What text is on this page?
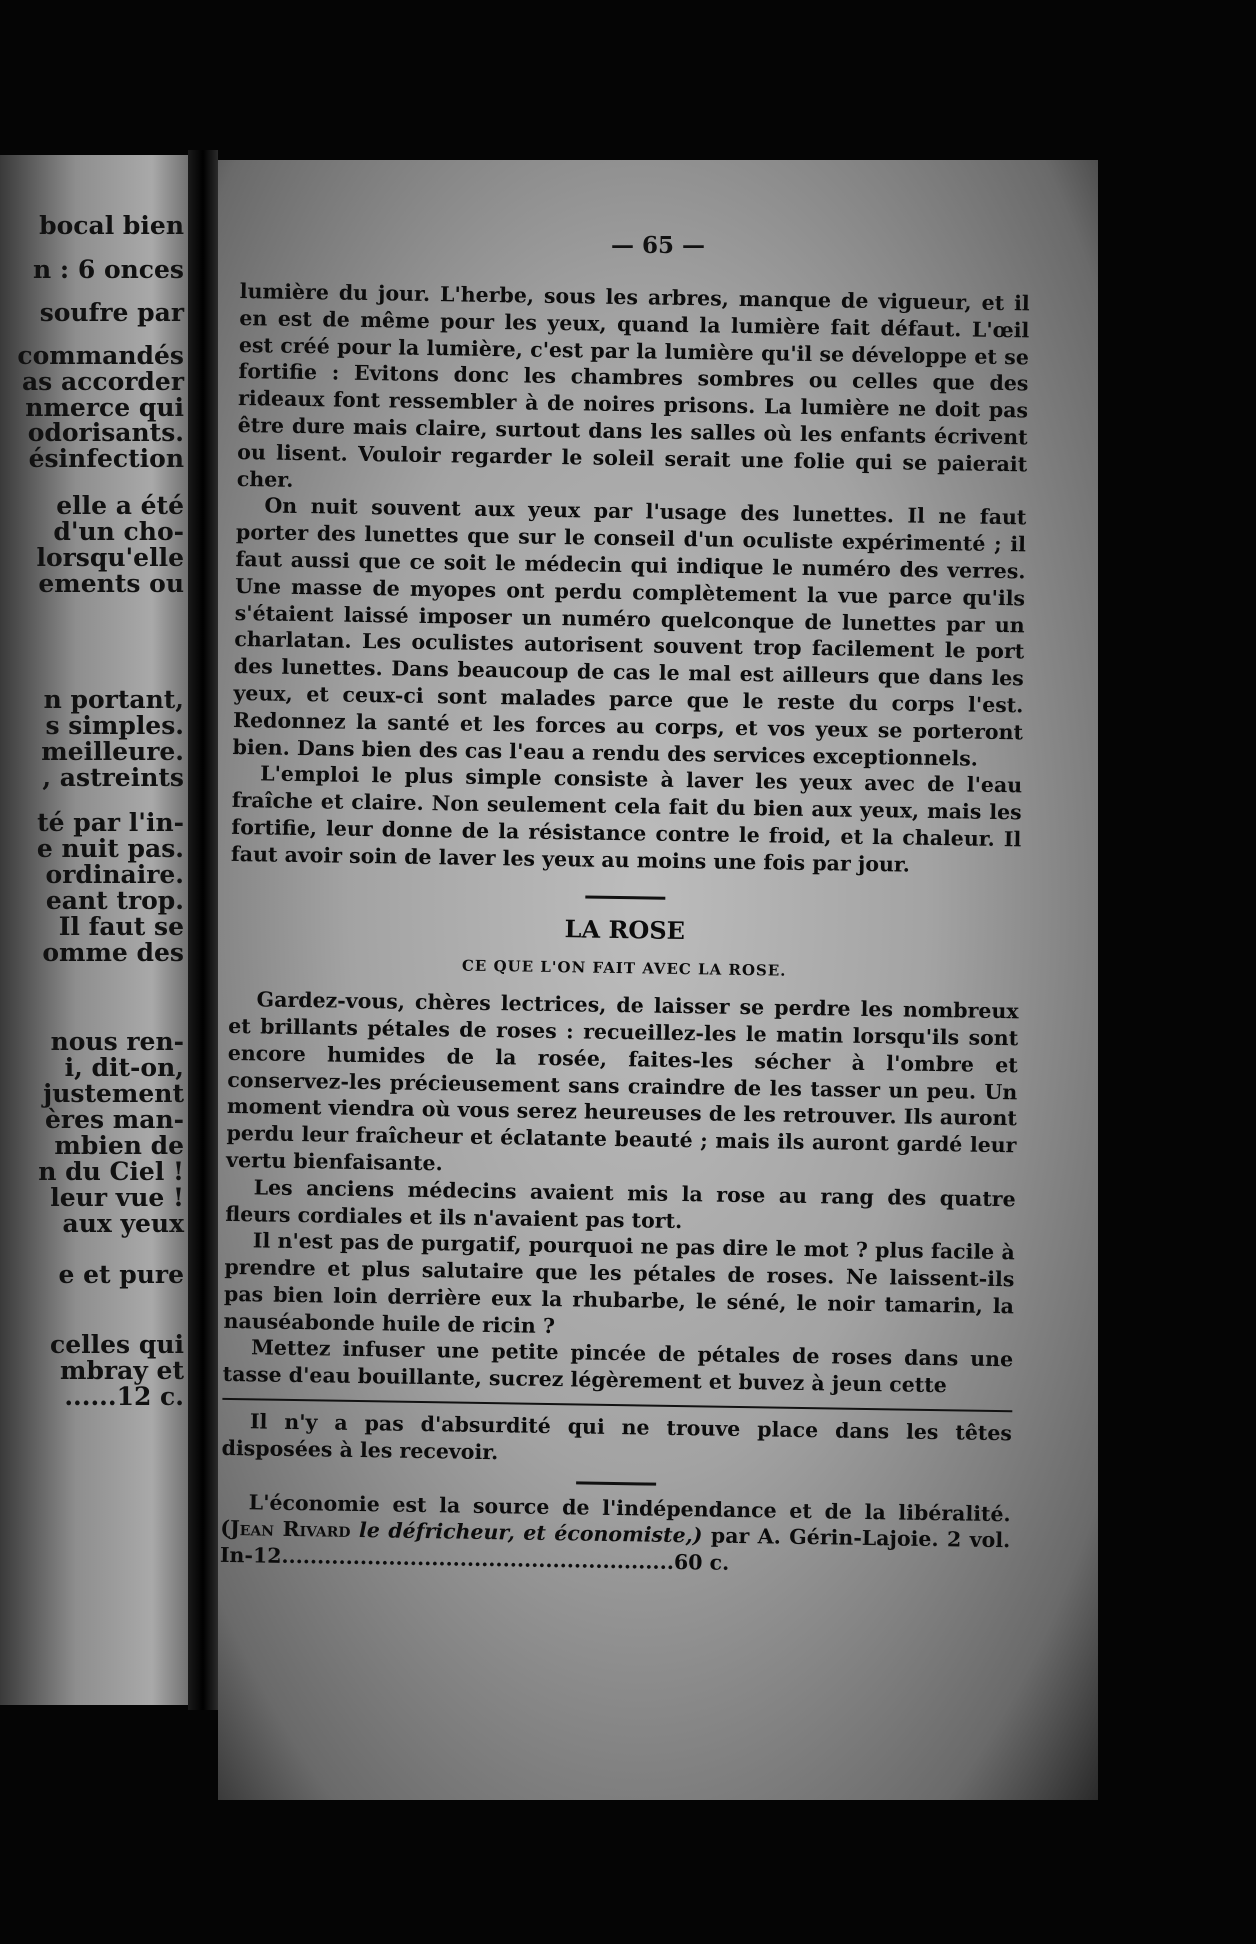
bocal bien
n : 6 onces
soufre par
commandés
as accorder
nmerce qui
odorisants.
ésinfection
elle a été
d'un cho-
lorsqu'elle
ements ou
n portant,
s simples.
meilleure.
, astreints
té par l'in-
e nuit pas.
ordinaire.
eant trop.
Il faut se
omme des
nous ren-
i, dit-on,
justement
ères man-
mbien de
n du Ciel !
leur vue !
aux yeux
e et pure
celles qui
mbray et
......12 c.
— 65 —

lumière du jour. L'herbe, sous les arbres, manque de vigueur, et il en est de même pour les yeux, quand la lumière fait défaut. L'œil est créé pour la lumière, c'est par la lumière qu'il se développe et se fortifie : Evitons donc les chambres sombres ou celles que des rideaux font ressembler à de noires prisons. La lumière ne doit pas être dure mais claire, surtout dans les salles où les enfants écrivent ou lisent. Vouloir regarder le soleil serait une folie qui se paierait cher.

On nuit souvent aux yeux par l'usage des lunettes. Il ne faut porter des lunettes que sur le conseil d'un oculiste expérimenté ; il faut aussi que ce soit le médecin qui indique le numéro des verres. Une masse de myopes ont perdu complètement la vue parce qu'ils s'étaient laissé imposer un numéro quelconque de lunettes par un charlatan. Les oculistes autorisent souvent trop facilement le port des lunettes. Dans beaucoup de cas le mal est ailleurs que dans les yeux, et ceux-ci sont malades parce que le reste du corps l'est. Redonnez la santé et les forces au corps, et vos yeux se porteront bien. Dans bien des cas l'eau a rendu des services exceptionnels.

L'emploi le plus simple consiste à laver les yeux avec de l'eau fraîche et claire. Non seulement cela fait du bien aux yeux, mais les fortifie, leur donne de la résistance contre le froid, et la chaleur. Il faut avoir soin de laver les yeux au moins une fois par jour.

LA ROSE

CE QUE L'ON FAIT AVEC LA ROSE.

Gardez-vous, chères lectrices, de laisser se perdre les nombreux et brillants pétales de roses : recueillez-les le matin lorsqu'ils sont encore humides de la rosée, faites-les sécher à l'ombre et conservez-les précieusement sans craindre de les tasser un peu. Un moment viendra où vous serez heureuses de les retrouver. Ils auront perdu leur fraîcheur et éclatante beauté ; mais ils auront gardé leur vertu bienfaisante.

Les anciens médecins avaient mis la rose au rang des quatre fleurs cordiales et ils n'avaient pas tort.

Il n'est pas de purgatif, pourquoi ne pas dire le mot ? plus facile à prendre et plus salutaire que les pétales de roses. Ne laissent-ils pas bien loin derrière eux la rhubarbe, le séné, le noir tamarin, la nauséabonde huile de ricin ?

Mettez infuser une petite pincée de pétales de roses dans une tasse d'eau bouillante, sucrez légèrement et buvez à jeun cette

Il n'y a pas d'absurdité qui ne trouve place dans les têtes disposées à les recevoir.

L'économie est la source de l'indépendance et de la libéralité. (Jean Rivard le défricheur, et économiste,) par A. Gérin-Lajoie. 2 vol. In-12.......................................................60 c.
